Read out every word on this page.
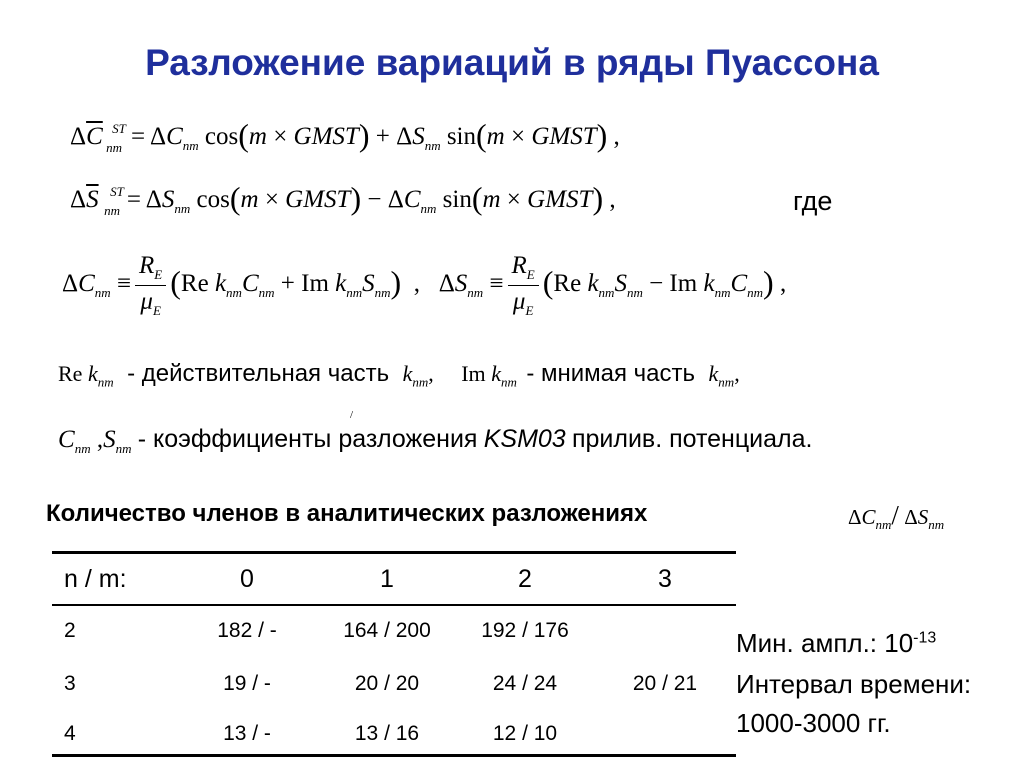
Разложение вариаций в ряды Пуассона
$\Delta\overline{C}$ ST
nm = $\Delta C_{nm}$ cos(m × GMST) + $\Delta S_{nm}$ sin(m × GMST) ,
$\Delta\overline{S}$ ST
nm = $\Delta S_{nm}$ cos(m × GMST) − $\Delta C_{nm}$ sin(m × GMST) ,	где
$\Delta C_{nm} \equiv \frac{R_E}{\mu_E} (Re$ $k_{nm}C_{nm} + Im$ $k_{nm}S_{nm}$)  ,   $\Delta S_{nm} \equiv \frac{R_E}{\mu_E} (Re$ $k_{nm}S_{nm} - Im$ $k_{nm}C_{nm}$) ,
Re $k_{nm}$ - действительная часть $k_{nm}$, Im $k_{nm}$ - мнимая часть $k_{nm}$,
/
$C_{nm}$ $,S_{nm}$ - коэффициенты разложения KSM03 прилив. потенциала.
Количество членов в аналитических разложениях	$\Delta C_{nm}/$ $\Delta S_{nm}$
n / m:	0	1	2	3
2	182 / -	164 / 200	192 / 176	
3	19 / -	20 / 20	24 / 24	20 / 21
4	13 / -	13 / 16	12 / 10	
Мин. ампл.: $10^{-13}$
Интервал времени:
1000-3000 гг.
